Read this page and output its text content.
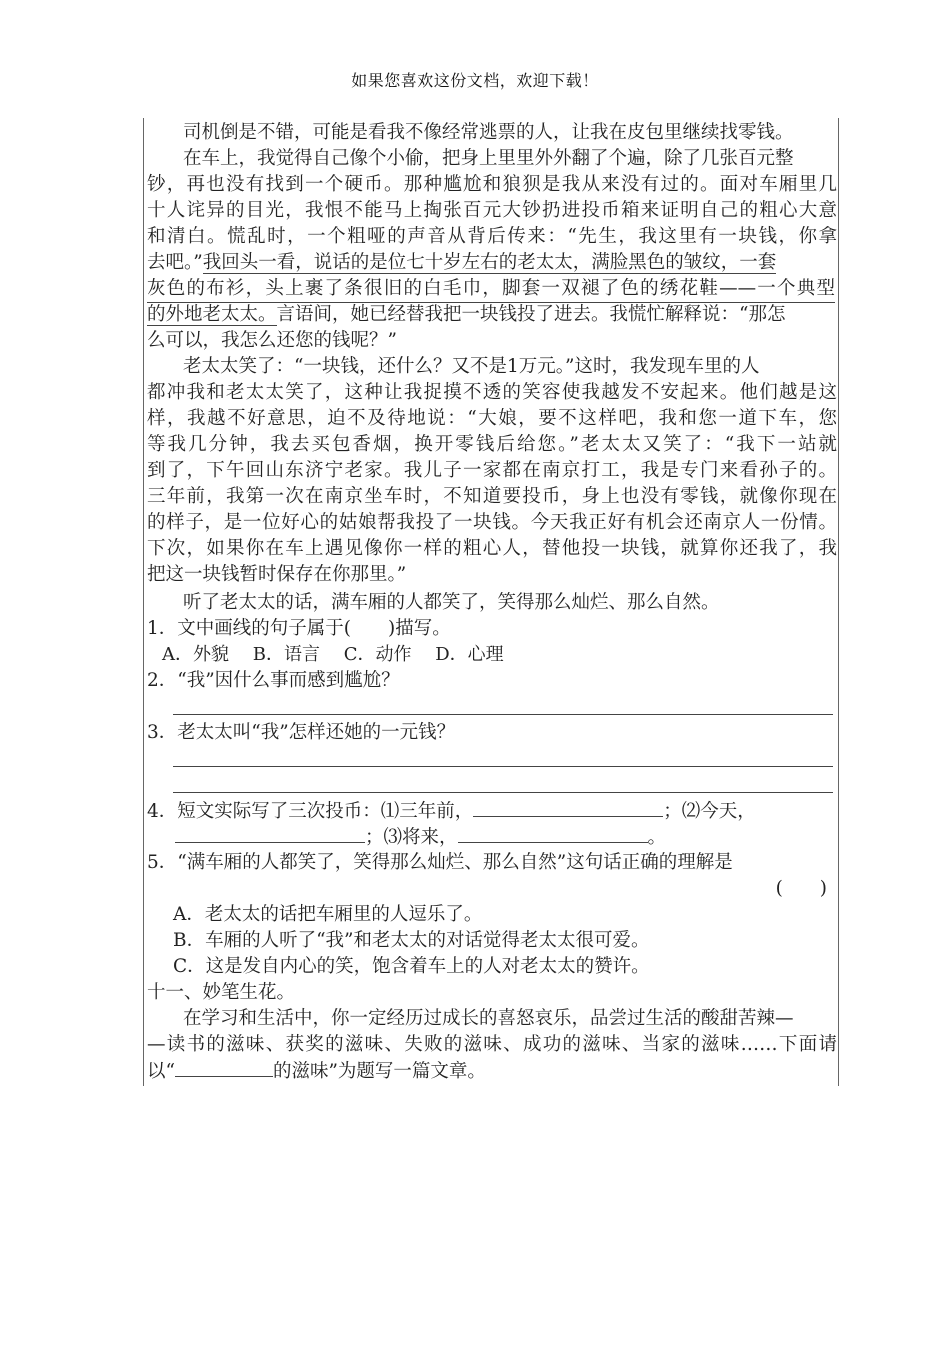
如果您喜欢这份文档，欢迎下载！
司机倒是不错，可能是看我不像经常逃票的人，让我在皮包里继续找零钱。
在车上，我觉得自己像个小偷，把身上里里外外翻了个遍，除了几张百元整
钞，再也没有找到一个硬币。那种尴尬和狼狈是我从来没有过的。面对车厢里几
十人诧异的目光，我恨不能马上掏张百元大钞扔进投币箱来证明自己的粗心大意
和清白。慌乱时，一个粗哑的声音从背后传来：“先生，我这里有一块钱，你拿
去吧。”我回头一看，说话的是位七十岁左右的老太太，满脸黑色的皱纹，一套
灰色的布衫，头上裹了条很旧的白毛巾，脚套一双褪了色的绣花鞋——一个典型
的外地老太太。言语间，她已经替我把一块钱投了进去。我慌忙解释说：“那怎
么可以，我怎么还您的钱呢？”
老太太笑了：“一块钱，还什么？又不是1万元。”这时，我发现车里的人
都冲我和老太太笑了，这种让我捉摸不透的笑容使我越发不安起来。他们越是这
样，我越不好意思，迫不及待地说：“大娘，要不这样吧，我和您一道下车，您
等我几分钟，我去买包香烟，换开零钱后给您。”老太太又笑了：“我下一站就
到了，下午回山东济宁老家。我儿子一家都在南京打工，我是专门来看孙子的。
三年前，我第一次在南京坐车时，不知道要投币，身上也没有零钱，就像你现在
的样子，是一位好心的姑娘帮我投了一块钱。今天我正好有机会还南京人一份情。
下次，如果你在车上遇见像你一样的粗心人，替他投一块钱，就算你还我了，我
把这一块钱暂时保存在你那里。”
听了老太太的话，满车厢的人都笑了，笑得那么灿烂、那么自然。
1．文中画线的句子属于(　　)描写。
A．外貌 B．语言 C．动作 D．心理
2．“我”因什么事而感到尴尬？
3．老太太叫“我”怎样还她的一元钱？
4．短文实际写了三次投币：⑴三年前，	；⑵今天，
；⑶将来，	。
5．“满车厢的人都笑了，笑得那么灿烂、那么自然”这句话正确的理解是
(　　)
A．老太太的话把车厢里的人逗乐了。
B．车厢的人听了“我”和老太太的对话觉得老太太很可爱。
C．这是发自内心的笑，饱含着车上的人对老太太的赞许。
十一、妙笔生花。
在学习和生活中，你一定经历过成长的喜怒哀乐，品尝过生活的酸甜苦辣—
—读书的滋味、获奖的滋味、失败的滋味、成功的滋味、当家的滋味……下面请
以“	的滋味”为题写一篇文章。
